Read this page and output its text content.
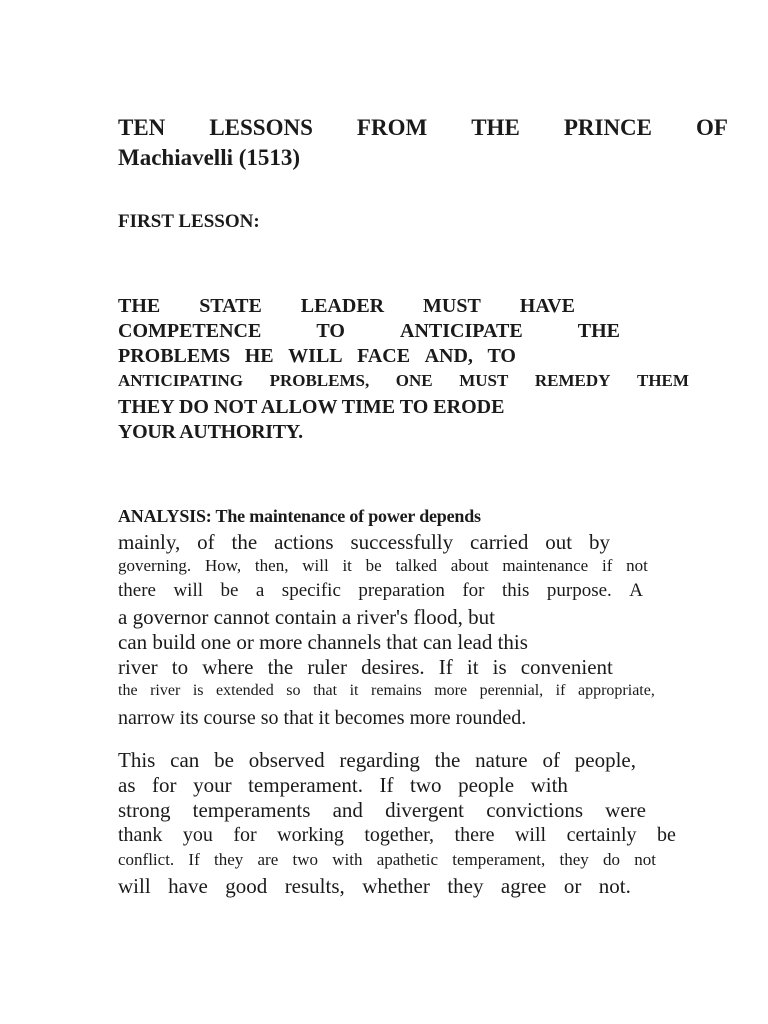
TEN LESSONS FROM THE PRINCE OF
Machiavelli (1513)
FIRST LESSON:
THE STATE LEADER MUST HAVE
COMPETENCE	TO	ANTICIPATE	THE
PROBLEMS HE WILL FACE AND, TO
ANTICIPATING PROBLEMS, ONE MUST REMEDY THEM
THEY DO NOT ALLOW TIME TO ERODE
YOUR AUTHORITY.
ANALYSIS: The maintenance of power depends
mainly, of the actions successfully carried out by
governing. How, then, will it be talked about maintenance if not
there will be a specific preparation for this purpose. A
a governor cannot contain a river's flood, but
can build one or more channels that can lead this
river to where the ruler desires. If it is convenient
the river is extended so that it remains more perennial, if appropriate,
narrow its course so that it becomes more rounded.
This can be observed regarding the nature of people,
as for your temperament. If two people with
strong temperaments and divergent convictions were
thank you for working together, there will certainly be
conflict. If they are two with apathetic temperament, they do not
will have good results, whether they agree or not.
